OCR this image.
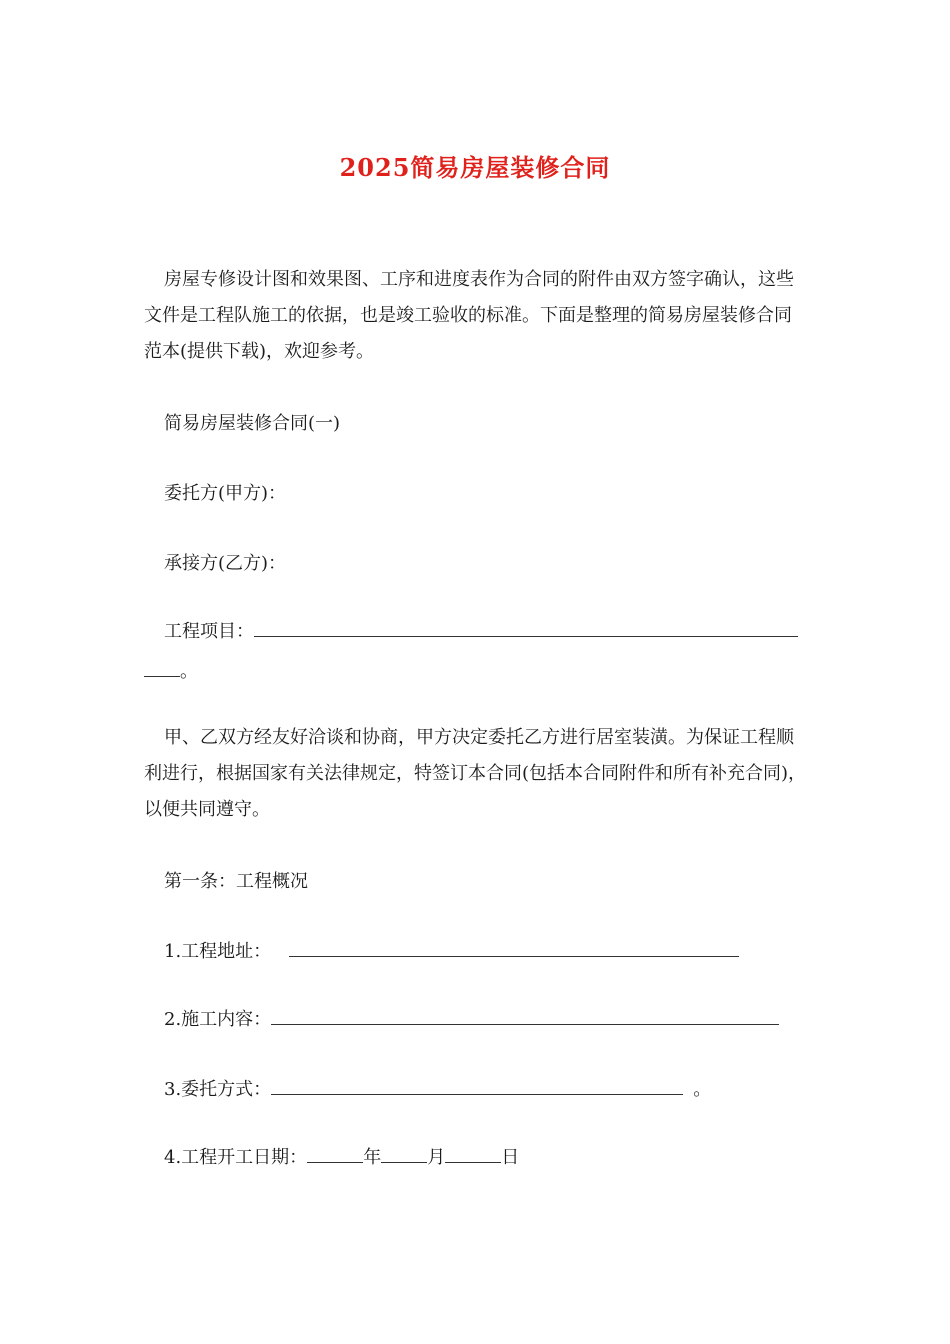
2025简易房屋装修合同

房屋专修设计图和效果图、工序和进度表作为合同的附件由双方签字确认，这些文件是工程队施工的依据，也是竣工验收的标准。下面是整理的简易房屋装修合同范本(提供下载)，欢迎参考。

简易房屋装修合同(一)

委托方(甲方)：

承接方(乙方)：

工程项目：

。

甲、乙双方经友好洽谈和协商，甲方决定委托乙方进行居室装潢。为保证工程顺利进行，根据国家有关法律规定，特签订本合同(包括本合同附件和所有补充合同)，以便共同遵守。

第一条：工程概况

1.工程地址：

2.施工内容：

3.委托方式：	。

4.工程开工日期：	年	月	日
